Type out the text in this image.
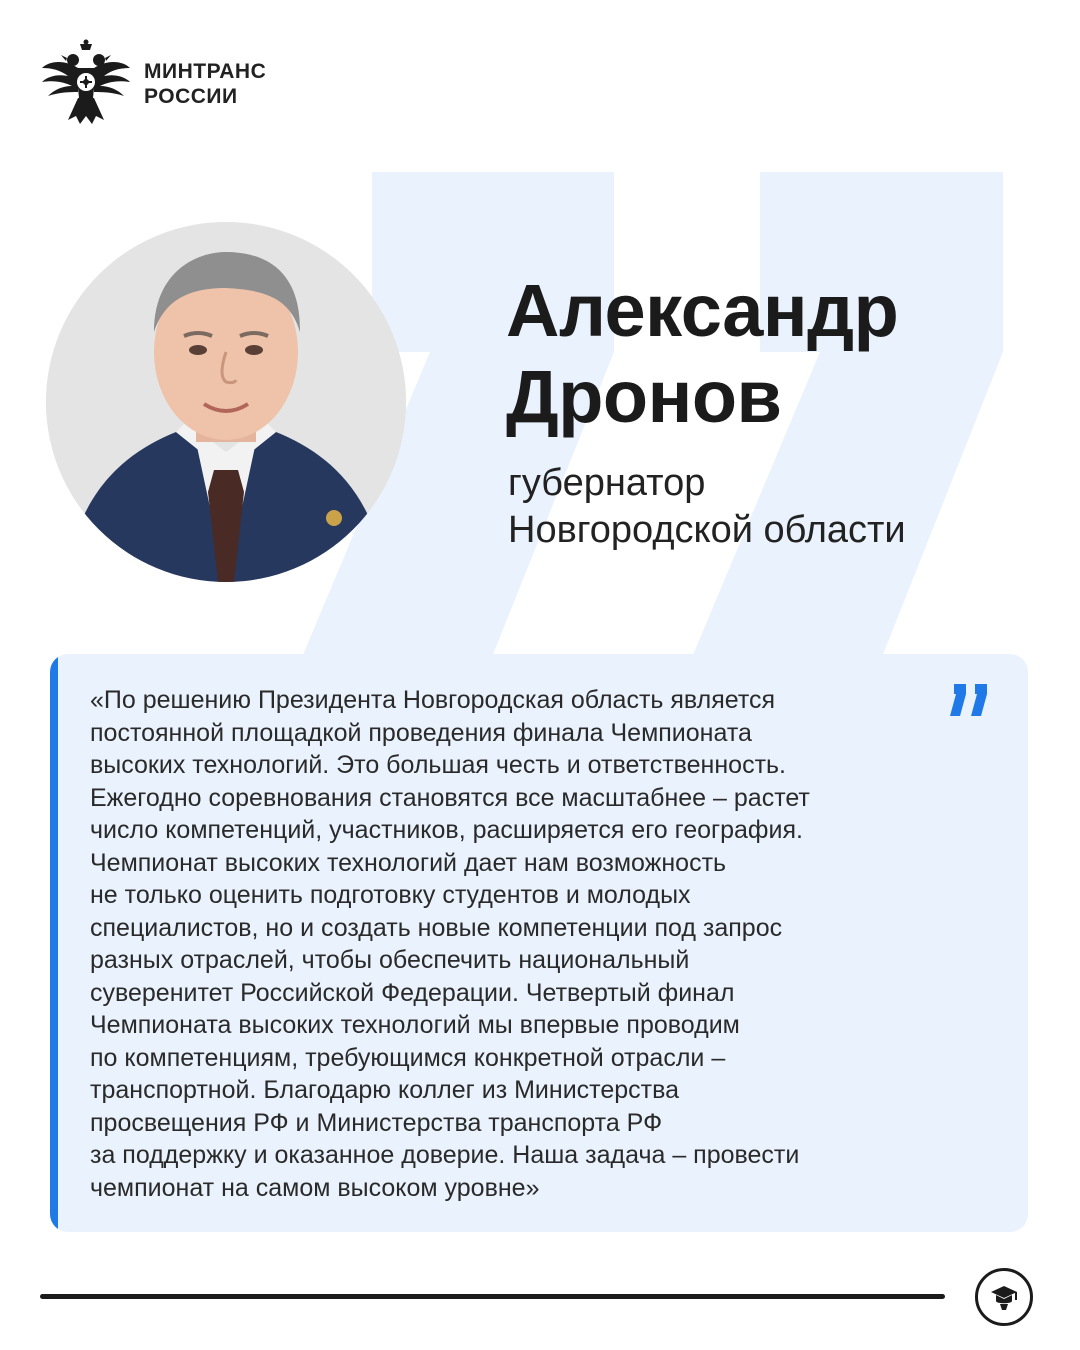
МИНТРАНС
РОССИИ
Александр
Дронов
губернатор
Новгородской области

«По решению Президента Новгородская область является
постоянной площадкой проведения финала Чемпионата
высоких технологий. Это большая честь и ответственность.
Ежегодно соревнования становятся все масштабнее – растет
число компетенций, участников, расширяется его география.
Чемпионат высоких технологий дает нам возможность
не только оценить подготовку студентов и молодых
специалистов, но и создать новые компетенции под запрос
разных отраслей, чтобы обеспечить национальный
суверенитет Российской Федерации. Четвертый финал
Чемпионата высоких технологий мы впервые проводим
по компетенциям, требующимся конкретной отрасли –
транспортной. Благодарю коллег из Министерства
просвещения РФ и Министерства транспорта РФ
за поддержку и оказанное доверие. Наша задача – провести
чемпионат на самом высоком уровне»
